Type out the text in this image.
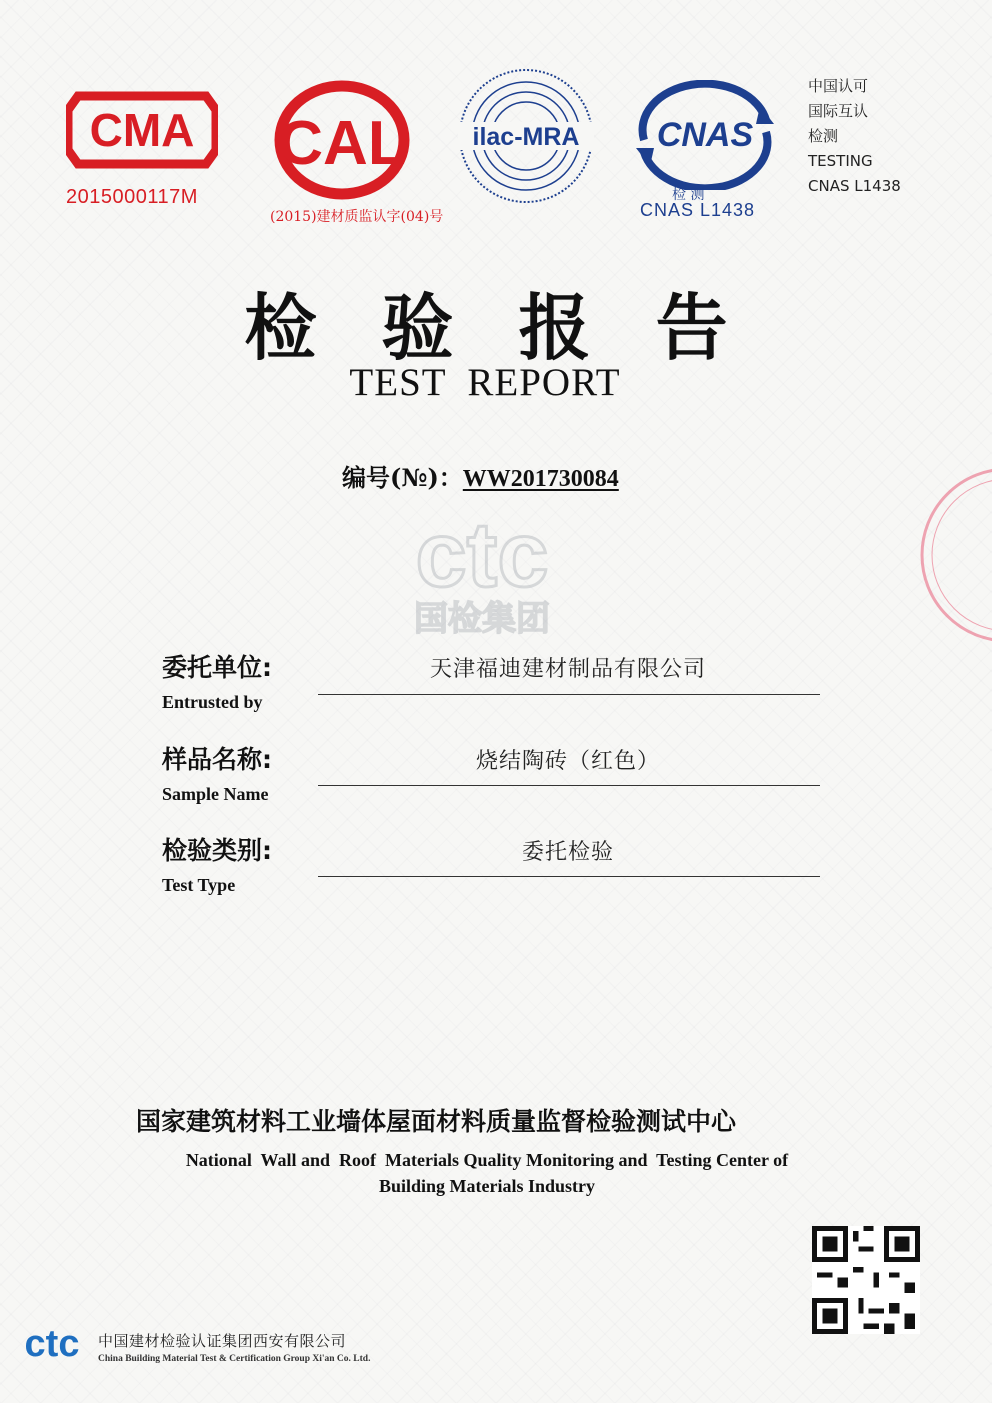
CMA
2015000117M
CAL
(2015)建材质监认字(04)号
ilac-MRA CNAS
检 测
CNAS L1438
中国认可
国际互认
检测
TESTING
CNAS L1438
检 验 报 告
TEST  REPORT
编号(№)：WW201730084
ctc
国检集团
委托单位:
Entrusted by
天津福迪建材制品有限公司
样品名称:
Sample Name
烧结陶砖（红色）
检验类别:
Test Type
委托检验
国家建筑材料工业墙体屋面材料质量监督检验测试中心
National  Wall and  Roof  Materials Quality Monitoring and  Testing Center of
Building Materials Industry
ctc 中国建材检验认证集团西安有限公司
China Building Material Test & Certification Group Xi'an Co. Ltd.
